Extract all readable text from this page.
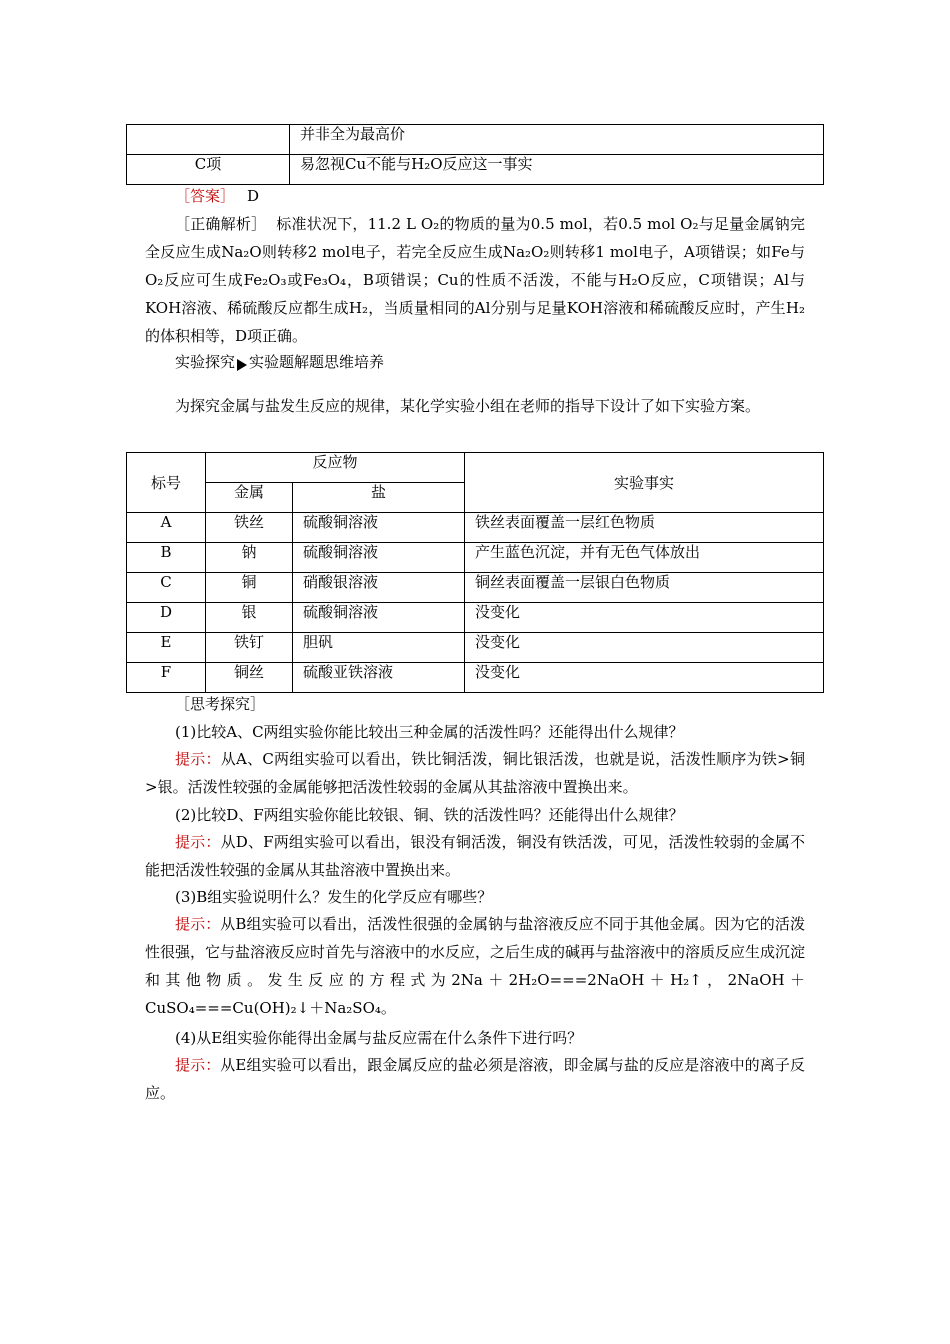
	并非全为最高价
C项	易忽视Cu不能与H₂O反应这一事实
［答案］ D

［正确解析］ 标准状况下，11.2 L O₂的物质的量为0.5 mol，若0.5 mol O₂与足量金属钠完全反应生成Na₂O则转移2 mol电子，若完全反应生成Na₂O₂则转移1 mol电子，A项错误；如Fe与O₂反应可生成Fe₂O₃或Fe₃O₄，B项错误；Cu的性质不活泼，不能与H₂O反应，C项错误；Al与KOH溶液、稀硫酸反应都生成H₂，当质量相同的Al分别与足量KOH溶液和稀硫酸反应时，产生H₂的体积相等，D项正确。

实验探究 实验题解题思维培养

为探究金属与盐发生反应的规律，某化学实验小组在老师的指导下设计了如下实验方案。

标号	反应物		实验事实
	金属	盐	
A	铁丝	硫酸铜溶液	铁丝表面覆盖一层红色物质
B	钠	硫酸铜溶液	产生蓝色沉淀，并有无色气体放出
C	铜	硝酸银溶液	铜丝表面覆盖一层银白色物质
D	银	硫酸铜溶液	没变化
E	铁钉	胆矾	没变化
F	铜丝	硫酸亚铁溶液	没变化
［思考探究］

(1)比较A、C两组实验你能比较出三种金属的活泼性吗？还能得出什么规律？

提示：从A、C两组实验可以看出，铁比铜活泼，铜比银活泼，也就是说，活泼性顺序为铁>铜>银。活泼性较强的金属能够把活泼性较弱的金属从其盐溶液中置换出来。

(2)比较D、F两组实验你能比较银、铜、铁的活泼性吗？还能得出什么规律？

提示：从D、F两组实验可以看出，银没有铜活泼，铜没有铁活泼，可见，活泼性较弱的金属不能把活泼性较强的金属从其盐溶液中置换出来。

(3)B组实验说明什么？发生的化学反应有哪些？

提示：从B组实验可以看出，活泼性很强的金属钠与盐溶液反应不同于其他金属。因为它的活泼性很强，它与盐溶液反应时首先与溶液中的水反应，之后生成的碱再与盐溶液中的溶质反应生成沉淀和其他物质。发生反应的方程式为2Na＋2H₂O===2NaOH＋H₂↑，2NaOH＋CuSO₄===Cu(OH)₂↓＋Na₂SO₄。

(4)从E组实验你能得出金属与盐反应需在什么条件下进行吗？

提示：从E组实验可以看出，跟金属反应的盐必须是溶液，即金属与盐的反应是溶液中的离子反应。
